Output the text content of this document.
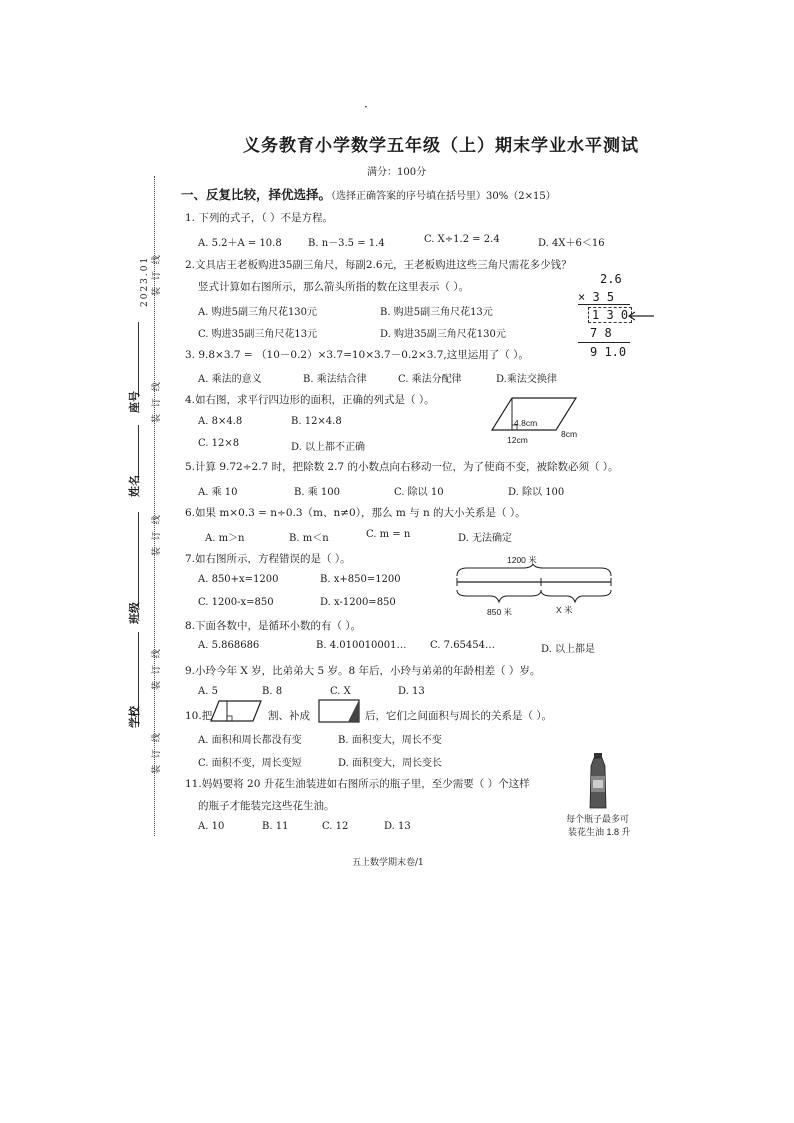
·
义务教育小学数学五年级（上）期末学业水平测试
满分：100分
2023.01 装 订 线
座号	装 订 线
姓名
装 订 线
班级
装 订 线
学校
装 订 线
一、反复比较，择优选择。（选择正确答案的序号填在括号里）30%（2×15）
1. 下列的式子，（ ）不是方程。
A. 5.2＋A = 10.8	B. n－3.5 = 1.4	C. X÷1.2 = 2.4	D. 4X＋6＜16
2.文具店王老板购进35副三角尺，每副2.6元，王老板购进这些三角尺需花多少钱？
竖式计算如右图所示，那么箭头所指的数在这里表示（ ）。
A. 购进5副三角尺花130元	B. 购进5副三角尺花13元
C. 购进35副三角尺花13元	D. 购进35副三角尺花130元
2.6
× 3 5
1 3 0
7 8
9 1.0
3. 9.8×3.7 = （10－0.2）×3.7=10×3.7－0.2×3.7,这里运用了（ ）。
A. 乘法的意义	B. 乘法结合律	C. 乘法分配律	D.乘法交换律
4.如右图，求平行四边形的面积，正确的列式是（ ）。
A. 8×4.8	B. 12×4.8
C. 12×8	D. 以上都不正确
4.8cm
8cm
12cm
5.计算 9.72÷2.7 时，把除数 2.7 的小数点向右移动一位，为了使商不变，被除数必须（ ）。
A. 乘 10	B. 乘 100	C. 除以 10	D. 除以 100
6.如果 m×0.3 = n÷0.3（m、n≠0），那么 m 与 n 的大小关系是（ ）。
A. m＞n	B. m＜n	C. m = n	D. 无法确定
7.如右图所示，方程错误的是（ ）。
A. 850+x=1200	B. x+850=1200
C. 1200-x=850	D. x-1200=850
1200 米
850 米	X 米
8.下面各数中，是循环小数的有（ ）。
A. 5.868686	B. 4.010010001… C. 7.65454…	D. 以上都是
9.小玲今年 X 岁，比弟弟大 5 岁。8 年后，小玲与弟弟的年龄相差（ ）岁。
A. 5	B. 8	C. X	D. 13
10.把	割、补成	后，它们之间面积与周长的关系是（ ）。
A. 面积和周长都没有变	B. 面积变大，周长不变
C. 面积不变，周长变短	D. 面积变大，周长变长
11.妈妈要将 20 升花生油装进如右图所示的瓶子里，至少需要（ ）个这样
的瓶子才能装完这些花生油。
A. 10	B. 11	C. 12	D. 13
每个瓶子最多可
装花生油 1.8 升
五上数学期末卷/1
